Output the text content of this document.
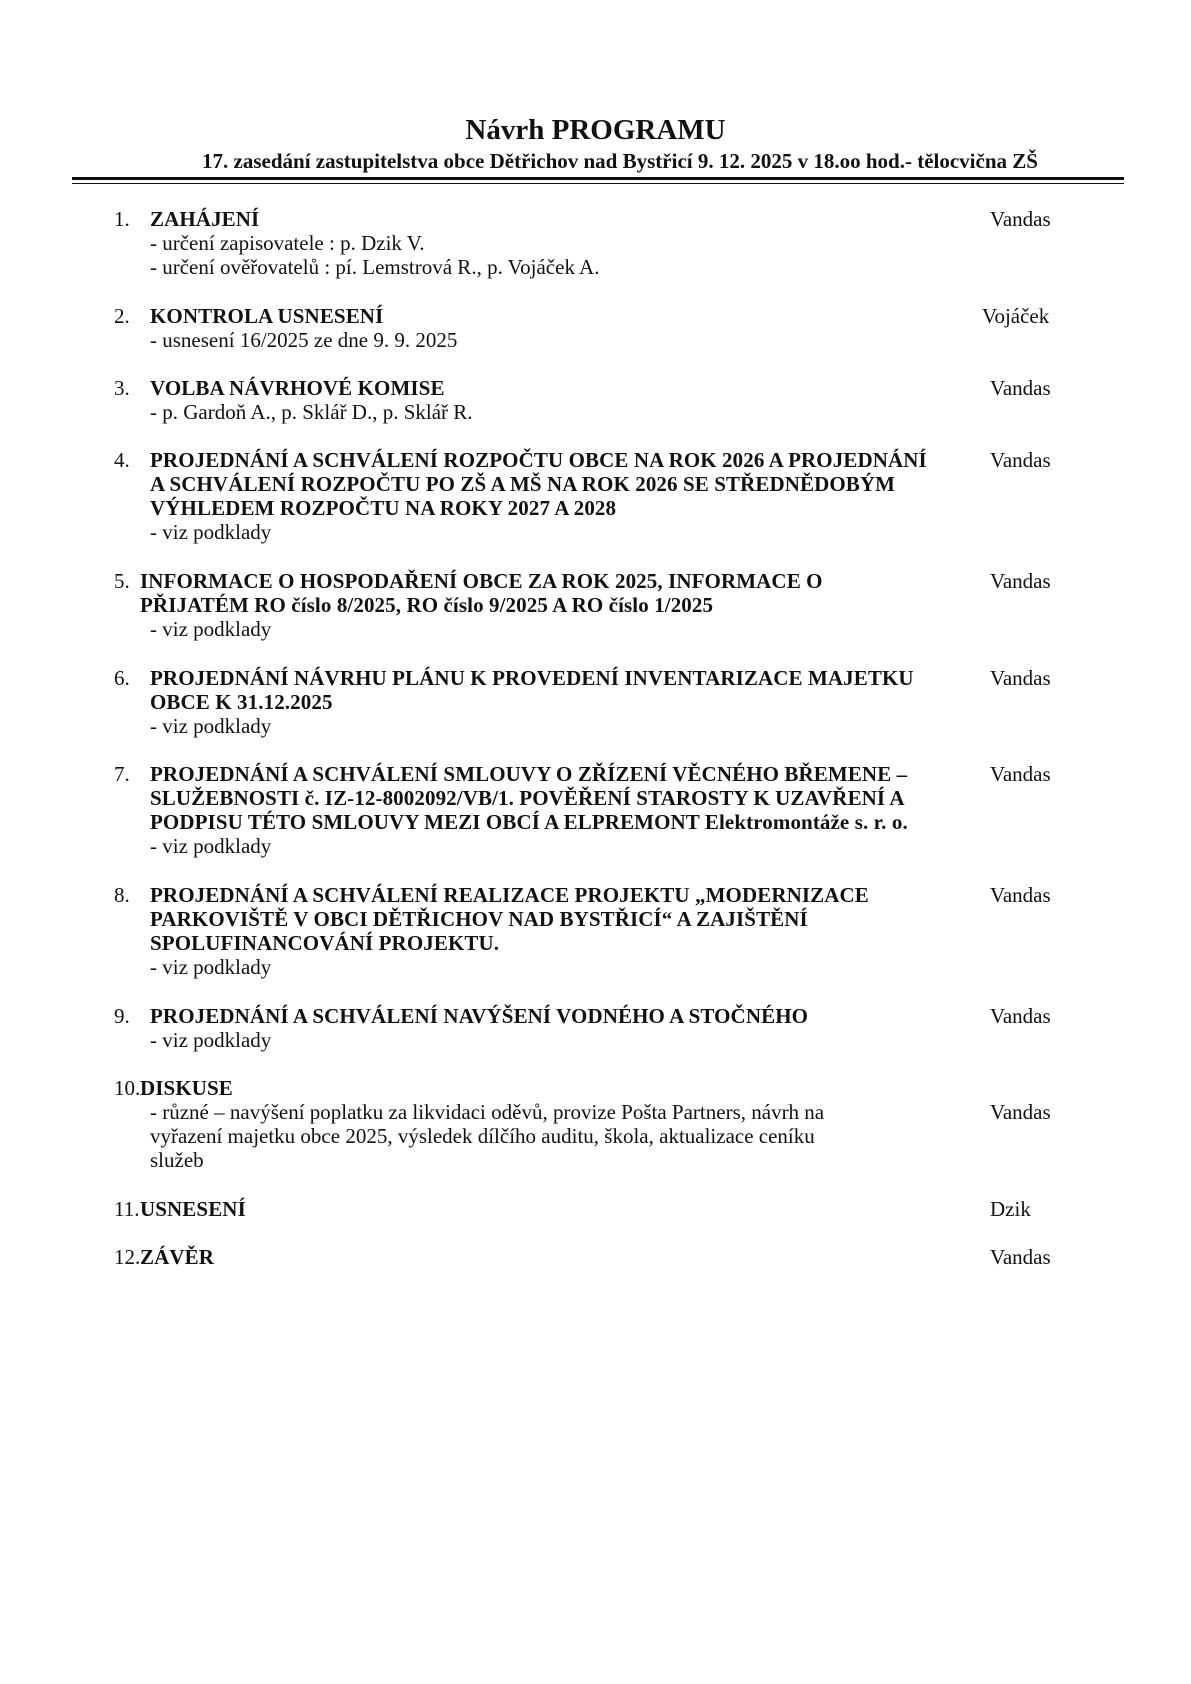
Návrh PROGRAMU
17. zasedání zastupitelstva obce Dětřichov nad Bystřicí 9. 12. 2025 v 18.oo hod.- tělocvična ZŠ
1. ZAHÁJENÍ
- určení zapisovatele : p. Dzik V.
- určení ověřovatelů : pí. Lemstrová R., p. Vojáček A.
Vandas
2. KONTROLA USNESENÍ
- usnesení 16/2025 ze dne 9. 9. 2025
Vojáček
3. VOLBA NÁVRHOVÉ KOMISE
- p. Gardoň A., p. Sklář D., p. Sklář R.
Vandas
4. PROJEDNÁNÍ A SCHVÁLENÍ ROZPOČTU OBCE NA ROK 2026 A PROJEDNÁNÍ
A SCHVÁLENÍ ROZPOČTU PO ZŠ A MŠ NA ROK 2026 SE STŘEDNĚDOBÝM
VÝHLEDEM ROZPOČTU NA ROKY 2027 A 2028
- viz podklady
Vandas
5. INFORMACE O HOSPODAŘENÍ OBCE ZA ROK 2025, INFORMACE O
PŘIJATÉM RO číslo 8/2025, RO číslo 9/2025 A RO číslo 1/2025
- viz podklady
Vandas
6. PROJEDNÁNÍ NÁVRHU PLÁNU K PROVEDENÍ INVENTARIZACE MAJETKU
OBCE K 31.12.2025
- viz podklady
Vandas
7. PROJEDNÁNÍ A SCHVÁLENÍ SMLOUVY O ZŘÍZENÍ VĚCNÉHO BŘEMENE –
SLUŽEBNOSTI č. IZ-12-8002092/VB/1. POVĚŘENÍ STAROSTY K UZAVŘENÍ A
PODPISU TÉTO SMLOUVY MEZI OBCÍ A ELPREMONT Elektromontáže s. r. o.
- viz podklady
Vandas
8. PROJEDNÁNÍ A SCHVÁLENÍ REALIZACE PROJEKTU „MODERNIZACE
PARKOVIŠTĚ V OBCI DĚTŘICHOV NAD BYSTŘICÍ“ A ZAJIŠTĚNÍ
SPOLUFINANCOVÁNÍ PROJEKTU.
- viz podklady
Vandas
9. PROJEDNÁNÍ A SCHVÁLENÍ NAVÝŠENÍ VODNÉHO A STOČNÉHO
- viz podklady
Vandas
10. DISKUSE
- různé – navýšení poplatku za likvidaci oděvů, provize Pošta Partners, návrh na
vyřazení majetku obce 2025, výsledek dílčího auditu, škola, aktualizace ceníku
služeb
Vandas
11. USNESENÍ	Dzik
12. ZÁVĚR	Vandas
